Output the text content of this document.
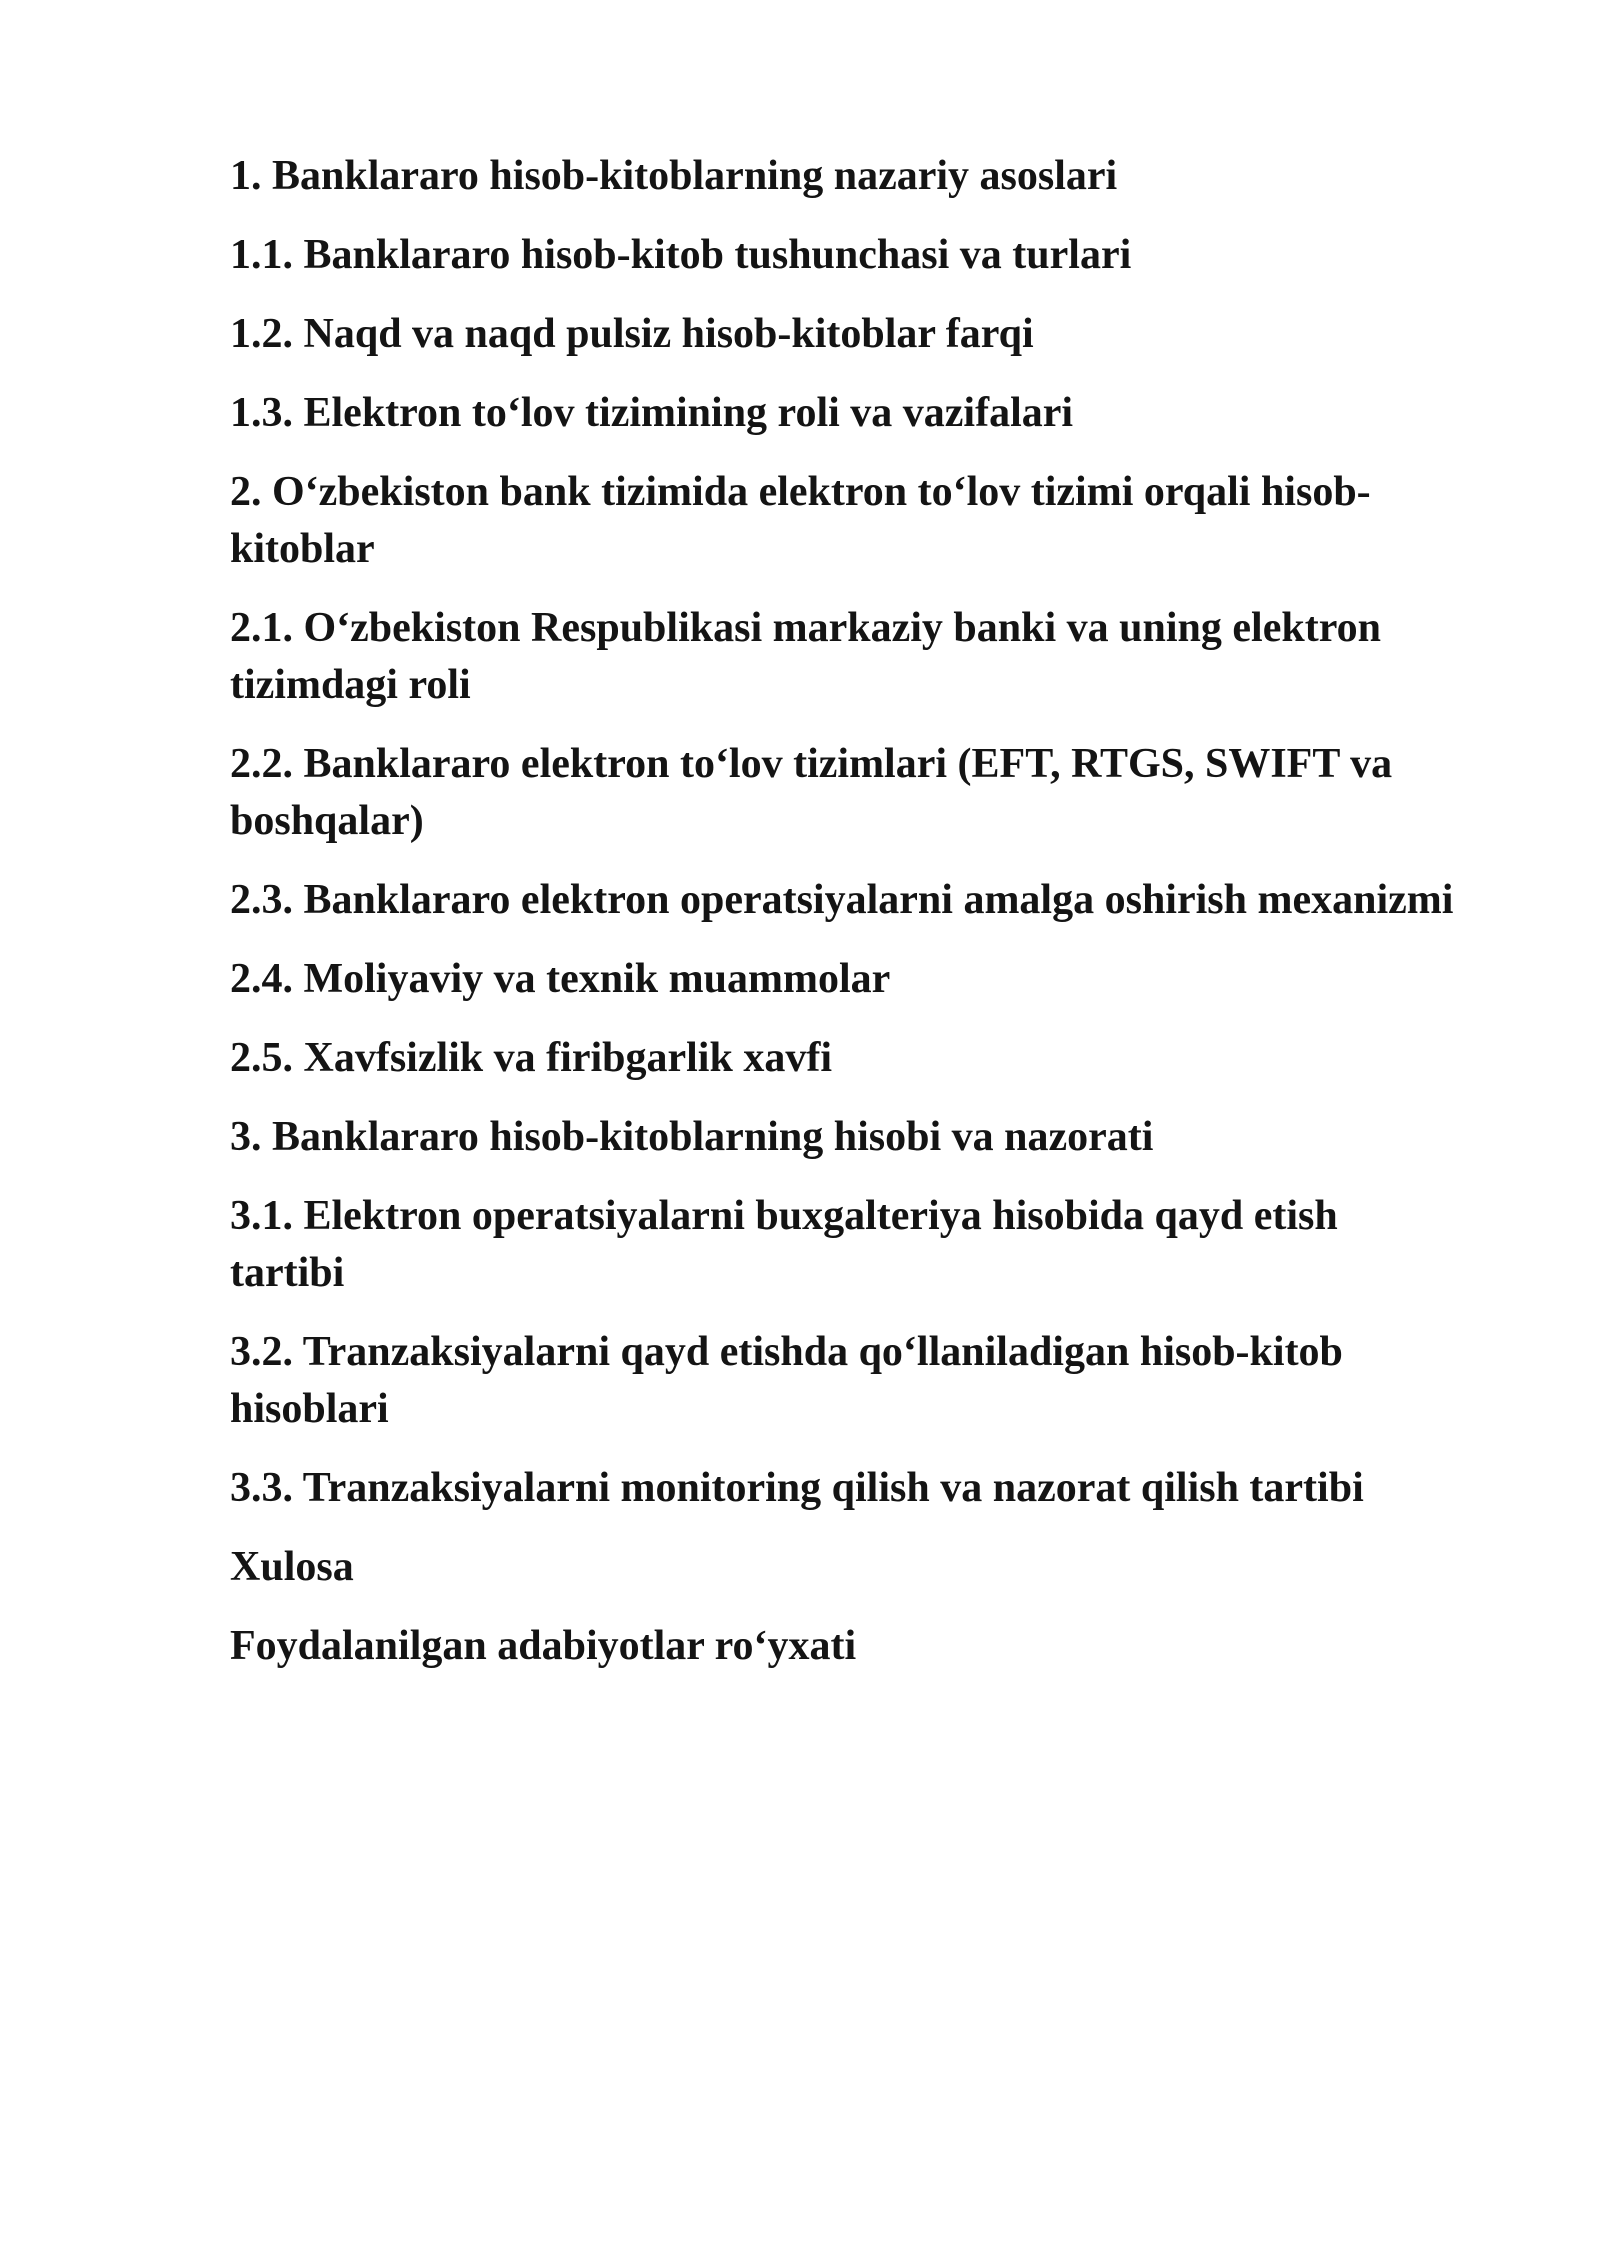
1. Banklararo hisob-kitoblarning nazariy asoslari
1.1. Banklararo hisob-kitob tushunchasi va turlari
1.2. Naqd va naqd pulsiz hisob-kitoblar farqi
1.3. Elektron to‘lov tizimining roli va vazifalari
2. O‘zbekiston bank tizimida elektron to‘lov tizimi orqali hisob-kitoblar
2.1. O‘zbekiston Respublikasi markaziy banki va uning elektron tizimdagi roli
2.2. Banklararo elektron to‘lov tizimlari (EFT, RTGS, SWIFT va boshqalar)
2.3. Banklararo elektron operatsiyalarni amalga oshirish mexanizmi
2.4. Moliyaviy va texnik muammolar
2.5. Xavfsizlik va firibgarlik xavfi
3. Banklararo hisob-kitoblarning hisobi va nazorati
3.1. Elektron operatsiyalarni buxgalteriya hisobida qayd etish tartibi
3.2. Tranzaksiyalarni qayd etishda qo‘llaniladigan hisob-kitob hisoblari
3.3. Tranzaksiyalarni monitoring qilish va nazorat qilish tartibi
Xulosa
Foydalanilgan adabiyotlar ro‘yxati
